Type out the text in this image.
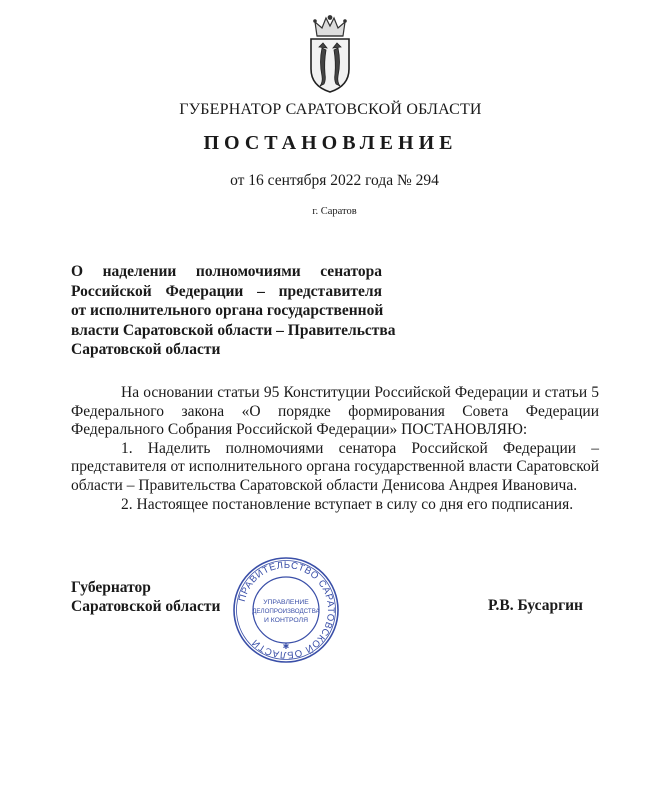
ГУБЕРНАТОР САРАТОВСКОЙ ОБЛАСТИ
ПОСТАНОВЛЕНИЕ
от 16 сентября 2022 года № 294
г. Саратов
О наделении полномочиями сенатора
Российской Федерации – представителя
от исполнительного органа государственной
власти Саратовской области – Правительства
Саратовской области
На основании статьи 95 Конституции Российской Федерации и статьи 5
Федерального закона «О порядке формирования Совета Федерации
Федерального Собрания Российской Федерации» ПОСТАНОВЛЯЮ:
1. Наделить полномочиями сенатора Российской Федерации –
представителя от исполнительного органа государственной власти Саратовской
области – Правительства Саратовской области Денисова Андрея Ивановича.
2. Настоящее постановление вступает в силу со дня его подписания.
Губернатор
Саратовской области
ПРАВИТЕЛЬСТВО САРАТОВСКОЙ ОБЛАСТИ
УПРАВЛЕНИЕ
ДЕЛОПРОИЗВОДСТВА
И КОНТРОЛЯ
✱
Р.В. Бусаргин
